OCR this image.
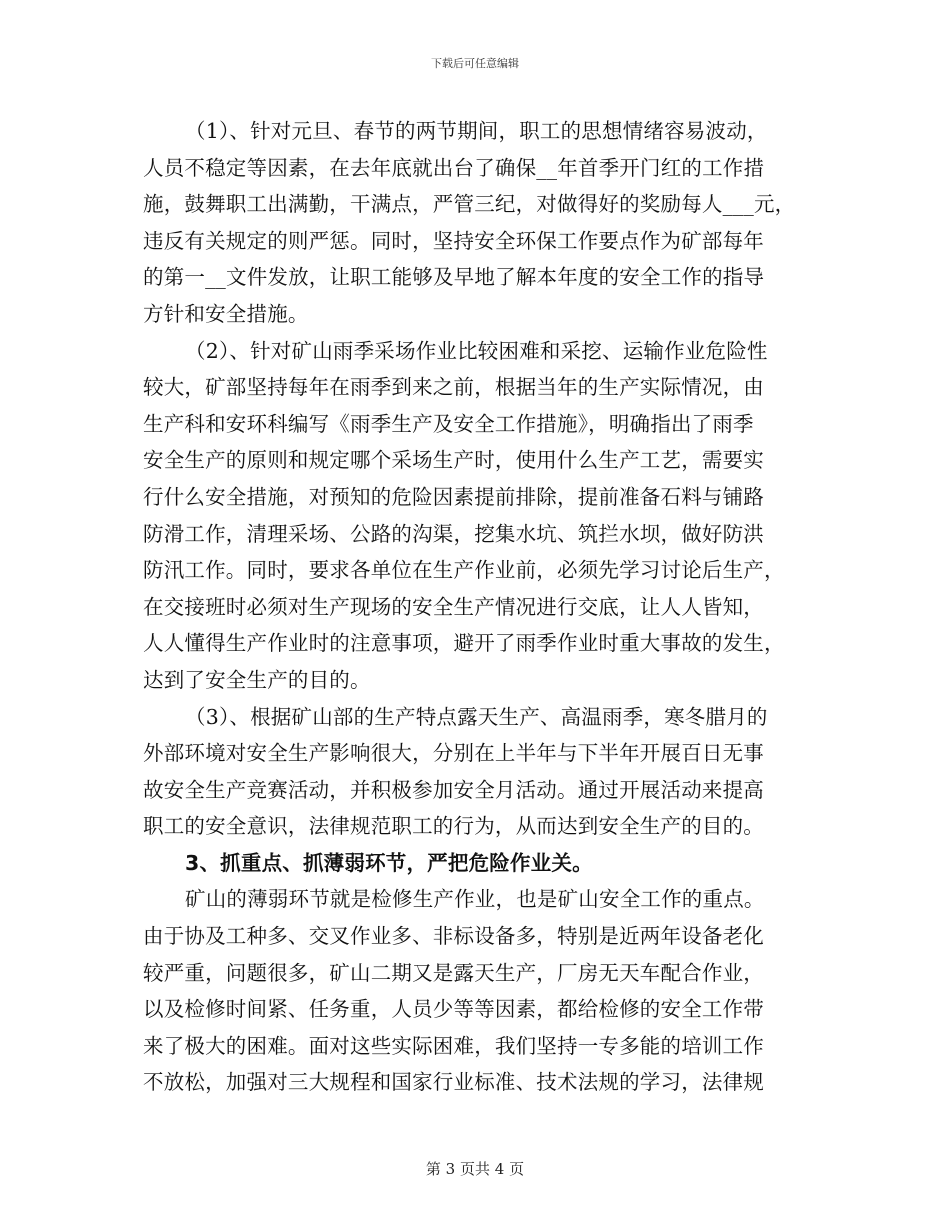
下载后可任意编辑
（1）、针对元旦、春节的两节期间，职工的思想情绪容易波动，
人员不稳定等因素，在去年底就出台了确保__年首季开门红的工作措
施，鼓舞职工出满勤，干满点，严管三纪，对做得好的奖励每人___元，
违反有关规定的则严惩。同时，坚持安全环保工作要点作为矿部每年
的第一__文件发放，让职工能够及早地了解本年度的安全工作的指导
方针和安全措施。
（2）、针对矿山雨季采场作业比较困难和采挖、运输作业危险性
较大，矿部坚持每年在雨季到来之前，根据当年的生产实际情况，由
生产科和安环科编写《雨季生产及安全工作措施》，明确指出了雨季
安全生产的原则和规定哪个采场生产时，使用什么生产工艺，需要实
行什么安全措施，对预知的危险因素提前排除，提前准备石料与铺路
防滑工作，清理采场、公路的沟渠，挖集水坑、筑拦水坝，做好防洪
防汛工作。同时，要求各单位在生产作业前，必须先学习讨论后生产，
在交接班时必须对生产现场的安全生产情况进行交底，让人人皆知，
人人懂得生产作业时的注意事项，避开了雨季作业时重大事故的发生，
达到了安全生产的目的。
（3）、根据矿山部的生产特点露天生产、高温雨季，寒冬腊月的
外部环境对安全生产影响很大，分别在上半年与下半年开展百日无事
故安全生产竞赛活动，并积极参加安全月活动。通过开展活动来提高
职工的安全意识，法律规范职工的行为，从而达到安全生产的目的。
3、抓重点、抓薄弱环节，严把危险作业关。
矿山的薄弱环节就是检修生产作业，也是矿山安全工作的重点。
由于协及工种多、交叉作业多、非标设备多，特别是近两年设备老化
较严重，问题很多，矿山二期又是露天生产，厂房无天车配合作业，
以及检修时间紧、任务重，人员少等等因素，都给检修的安全工作带
来了极大的困难。面对这些实际困难，我们坚持一专多能的培训工作
不放松，加强对三大规程和国家行业标准、技术法规的学习，法律规
第 3 页共 4 页
